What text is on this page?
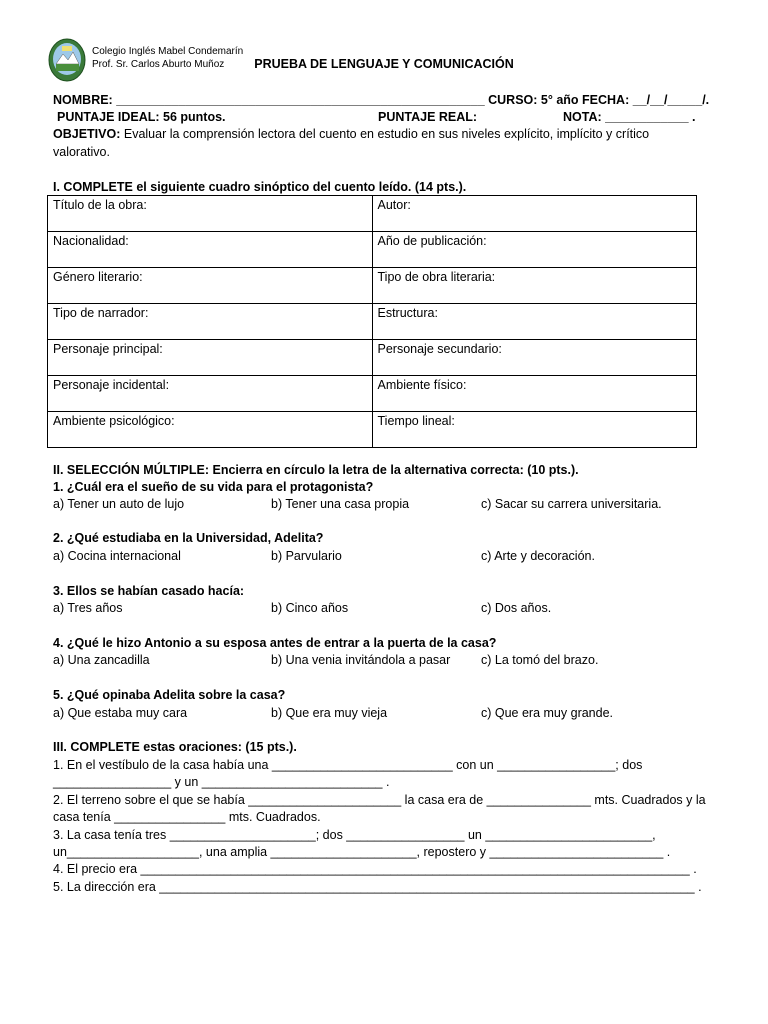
Colegio Inglés Mabel Condemarín
Prof. Sr. Carlos Aburto Muñoz	PRUEBA DE LENGUAJE Y COMUNICACIÓN
NOMBRE: _____________________________________________________ CURSO: 5° año FECHA: __/__/_____/.
PUNTAJE IDEAL: 56 puntos.	PUNTAJE REAL:	NOTA: ____________ .
OBJETIVO: Evaluar la comprensión lectora del cuento en estudio en sus niveles explícito, implícito y crítico
valorativo.
I. COMPLETE el siguiente cuadro sinóptico del cuento leído. (14 pts.).
Título de la obra:	Autor:
Nacionalidad:	Año de publicación:
Género literario:	Tipo de obra literaria:
Tipo de narrador:	Estructura:
Personaje principal:	Personaje secundario:
Personaje incidental:	Ambiente físico:
Ambiente psicológico:	Tiempo lineal:
II. SELECCIÓN MÚLTIPLE: Encierra en círculo la letra de la alternativa correcta: (10 pts.).
1. ¿Cuál era el sueño de su vida para el protagonista?
a) Tener un auto de lujo	b) Tener una casa propia	c) Sacar su carrera universitaria.
2. ¿Qué estudiaba en la Universidad, Adelita?
a) Cocina internacional	b) Parvulario	c) Arte y decoración.
3. Ellos se habían casado hacía:
a) Tres años	b) Cinco años	c) Dos años.
4. ¿Qué le hizo Antonio a su esposa antes de entrar a la puerta de la casa?
a) Una zancadilla	b) Una venia invitándola a pasar c) La tomó del brazo.
5. ¿Qué opinaba Adelita sobre la casa?
a) Que estaba muy cara	b) Que era muy vieja	c) Que era muy grande.
III. COMPLETE estas oraciones: (15 pts.).
1. En el vestíbulo de la casa había una __________________________ con un _________________; dos
_________________ y un __________________________ .
2. El terreno sobre el que se había ______________________ la casa era de _______________ mts. Cuadrados y la
casa tenía ________________ mts. Cuadrados.
3. La casa tenía tres _____________________; dos _________________ un ________________________,
un___________________, una amplia _____________________, repostero y _________________________ .
4. El precio era _______________________________________________________________________________ .
5. La dirección era _____________________________________________________________________________ .
